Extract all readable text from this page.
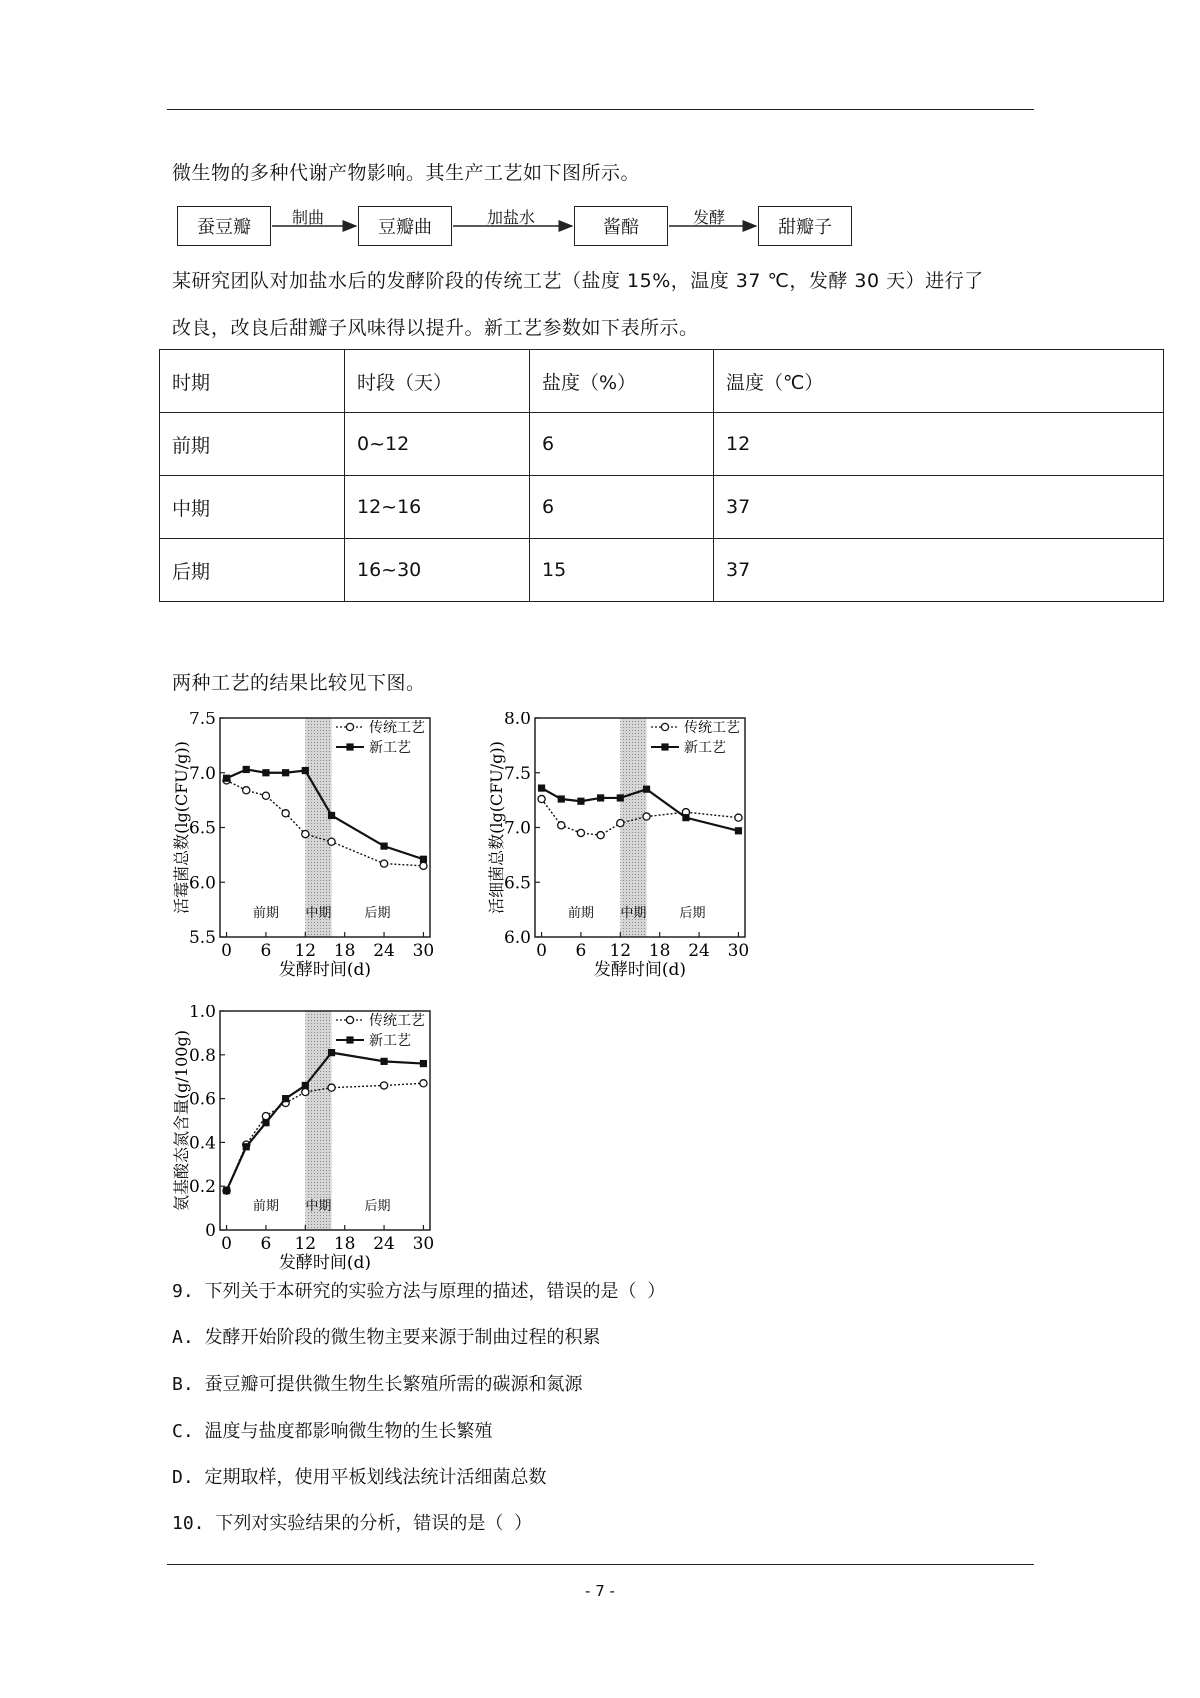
微生物的多种代谢产物影响。其生产工艺如下图所示。
蚕豆瓣	豆瓣曲	酱醅	甜瓣子
制曲	加盐水	发酵
某研究团队对加盐水后的发酵阶段的传统工艺（盐度 15%，温度 37 ℃，发酵 30 天）进行了
改良，改良后甜瓣子风味得以提升。新工艺参数如下表所示。
时期	时段（天）	盐度（%）	温度（℃）
前期	0~12	6	12
中期	12~16	6	37
后期	16~30	15	37
两种工艺的结果比较见下图。
5.5
6.0
6.5
7.0
7.5
0 6 12 18 24 30
发酵时间(d)
活霉菌总数(lg(CFU/g))	前期 中期	后期
传统工艺
新工艺
6.0
6.5
7.0
7.5
8.0
0 6 12 18 24 30
发酵时间(d)
活细菌总数(lg(CFU/g))	前期 中期	后期
传统工艺
新工艺
0
0.2
0.4
0.6
0.8
1.0
0 6 12 18 24 30
发酵时间(d)
氨基酸态氮含量(g/100g)	前期 中期	后期
传统工艺
新工艺
9. 下列关于本研究的实验方法与原理的描述，错误的是（ ）
A. 发酵开始阶段的微生物主要来源于制曲过程的积累
B. 蚕豆瓣可提供微生物生长繁殖所需的碳源和氮源
C. 温度与盐度都影响微生物的生长繁殖
D. 定期取样，使用平板划线法统计活细菌总数
10. 下列对实验结果的分析，错误的是（ ）
- 7 -
